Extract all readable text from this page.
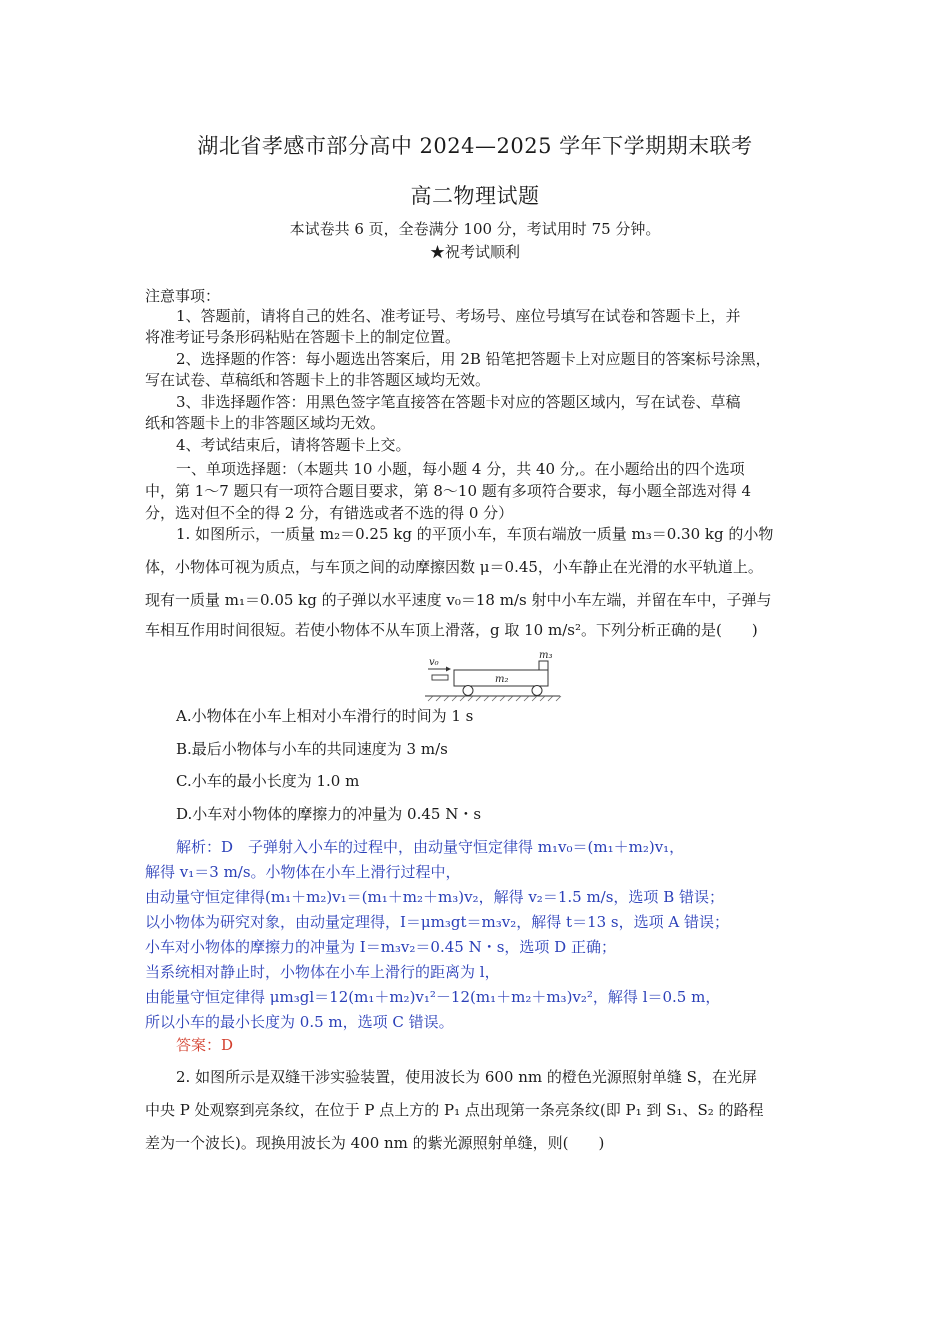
湖北省孝感市部分高中 2024—2025 学年下学期期末联考
高二物理试题
本试卷共 6 页，全卷满分 100 分，考试用时 75 分钟。
★祝考试顺利
注意事项：
1、答题前，请将自己的姓名、准考证号、考场号、座位号填写在试卷和答题卡上，并
将准考证号条形码粘贴在答题卡上的制定位置。
2、选择题的作答：每小题选出答案后，用 2B 铅笔把答题卡上对应题目的答案标号涂黑，
写在试卷、草稿纸和答题卡上的非答题区域均无效。
3、非选择题作答：用黑色签字笔直接答在答题卡对应的答题区域内，写在试卷、草稿
纸和答题卡上的非答题区域均无效。
4、考试结束后，请将答题卡上交。
一、单项选择题：（本题共 10 小题，每小题 4 分，共 40 分,。在小题给出的四个选项
中，第 1～7 题只有一项符合题目要求，第 8～10 题有多项符合要求，每小题全部选对得 4
分，选对但不全的得 2 分，有错选或者不选的得 0 分）
1. 如图所示，一质量 m₂＝0.25 kg 的平顶小车，车顶右端放一质量 m₃＝0.30 kg 的小物
体，小物体可视为质点，与车顶之间的动摩擦因数 μ＝0.45，小车静止在光滑的水平轨道上。
现有一质量 m₁＝0.05 kg 的子弹以水平速度 v₀＝18 m/s 射中小车左端，并留在车中，子弹与
车相互作用时间很短。若使小物体不从车顶上滑落，g 取 10 m/s²。下列分析正确的是(　　)
v₀
m₂
m₃
A.小物体在小车上相对小车滑行的时间为 1 s
B.最后小物体与小车的共同速度为 3 m/s
C.小车的最小长度为 1.0 m
D.小车对小物体的摩擦力的冲量为 0.45 N・s
解析：D　子弹射入小车的过程中，由动量守恒定律得 m₁v₀＝(m₁＋m₂)v₁，
解得 v₁＝3 m/s。小物体在小车上滑行过程中，
由动量守恒定律得(m₁＋m₂)v₁＝(m₁＋m₂＋m₃)v₂，解得 v₂＝1.5 m/s，选项 B 错误；
以小物体为研究对象，由动量定理得，I＝μm₃gt＝m₃v₂，解得 t＝13 s，选项 A 错误；
小车对小物体的摩擦力的冲量为 I＝m₃v₂＝0.45 N・s，选项 D 正确；
当系统相对静止时，小物体在小车上滑行的距离为 l，
由能量守恒定律得 μm₃gl＝12(m₁＋m₂)v₁²－12(m₁＋m₂＋m₃)v₂²，解得 l＝0.5 m，
所以小车的最小长度为 0.5 m，选项 C 错误。
答案：D
2. 如图所示是双缝干涉实验装置，使用波长为 600 nm 的橙色光源照射单缝 S，在光屏
中央 P 处观察到亮条纹，在位于 P 点上方的 P₁ 点出现第一条亮条纹(即 P₁ 到 S₁、S₂ 的路程
差为一个波长)。现换用波长为 400 nm 的紫光源照射单缝，则(　　)
